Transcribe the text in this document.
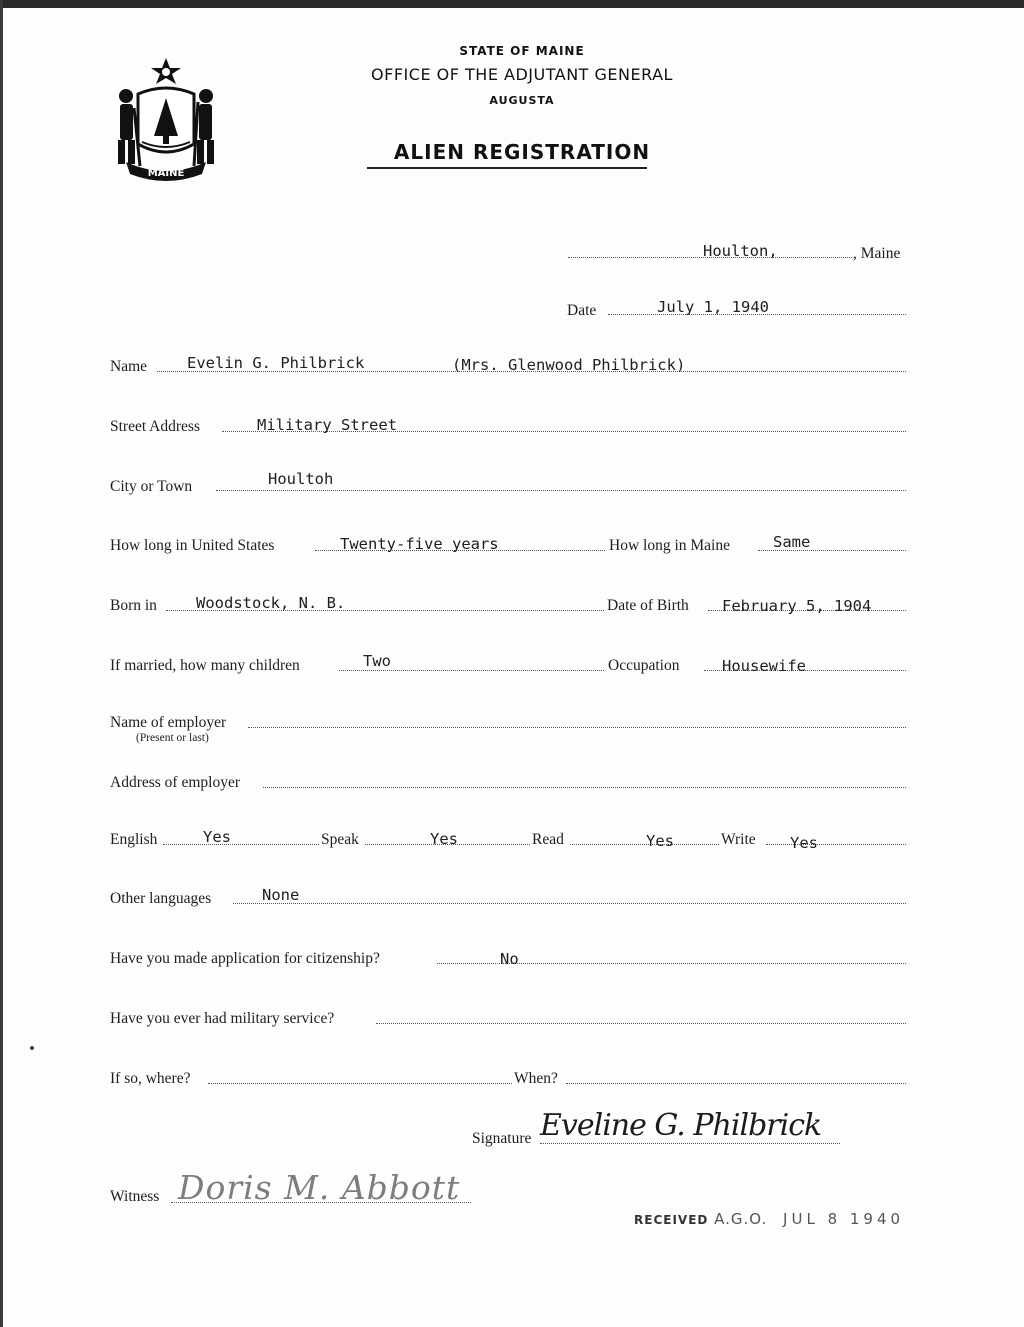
MAINE
STATE OF MAINE
OFFICE OF THE ADJUTANT GENERAL
AUGUSTA
ALIEN REGISTRATION
Houlton,	, Maine
Date	July 1, 1940
Name	Evelin G. Philbrick	(Mrs. Glenwood Philbrick)
Street Address	Military Street
City or Town	Houltoh
How long in United States	Twenty-five years	How long in Maine	Same
Born in	Woodstock, N. B.	Date of Birth February 5, 1904
If married, how many children	Two	Occupation	Housewife
Name of employer
(Present or last)
Address of employer
English	Yes	Speak	Yes	Read	Yes	Write Yes
Other languages	None
Have you made application for citizenship?	No
Have you ever had military service?
If so, where?	When?
Signature Eveline G. Philbrick
Witness Doris M. Abbott
RECEIVED A.G.O. JUL 8 1940
